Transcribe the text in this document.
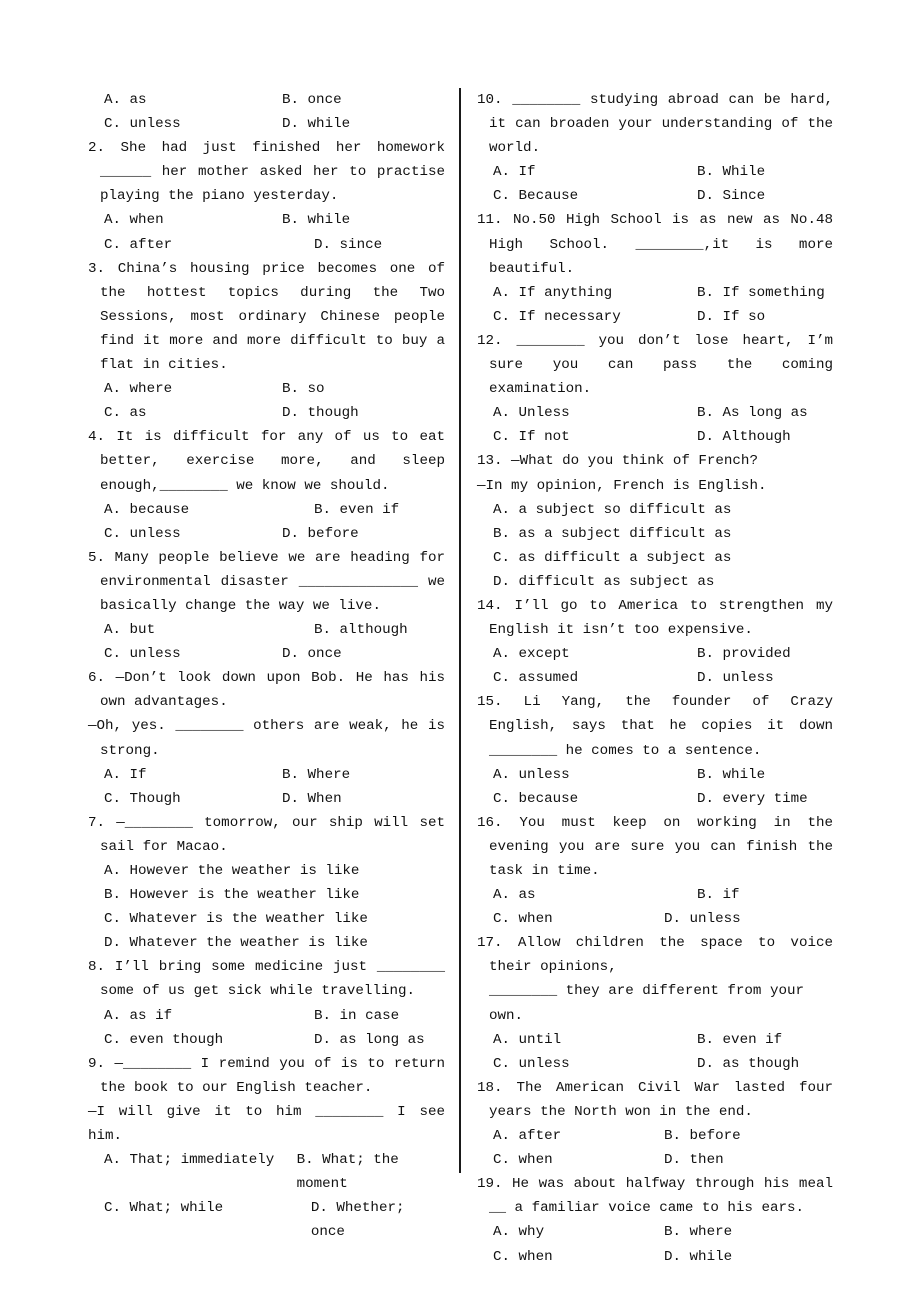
A. as	B. once
C. unless	D. while
2. She had just finished her homework ______ her mother asked her to practise playing the piano yesterday.
A. when	B. while
C. after	D. since
3. China’s housing price becomes one of the hottest topics during the Two Sessions, most ordinary Chinese people find it more and more difficult to buy a flat in cities.
A. where	B. so
C. as	D. though
4. It is difficult for any of us to eat better, exercise more, and sleep enough,________ we know we should.
A. because	B. even if
C. unless	D. before
5. Many people believe we are heading for environmental disaster ______________ we basically change the way we live.
A. but	B. although
C. unless	D. once
6. —Don’t look down upon Bob. He has his own advantages.
—Oh, yes. ________ others are weak, he is strong.
A. If	B. Where
C. Though	D. When
7. —________ tomorrow, our ship will set sail for Macao.
A. However the weather is like
B. However is the weather like
C. Whatever is the weather like
D. Whatever the weather is like
8. I’ll bring some medicine just ________ some of us get sick while travelling.
A. as if	B. in case
C. even though	D. as long as
9. —________ I remind you of is to return the book to our English teacher.
—I will give it to him ________ I see him.
A. That; immediately	B. What; the moment
C. What; while	D. Whether; once
10. ________ studying abroad can be hard, it can broaden your understanding of the world.
A. If	B. While
C. Because	D. Since
11. No.50 High School is as new as No.48 High School. ________,it is more beautiful.
A. If anything	B. If something
C. If necessary	D. If so
12. ________ you don’t lose heart, I’m sure you can pass the coming examination.
A. Unless	B. As long as
C. If not	D. Although
13. —What do you think of French?
—In my opinion, French is English.
A. a subject so difficult as
B. as a subject difficult as
C. as difficult a subject as
D. difficult as subject as
14. I’ll go to America to strengthen my English it isn’t too expensive.
A. except	B. provided
C. assumed	D. unless
15. Li Yang, the founder of Crazy English, says that he copies it down ________ he comes to a sentence.
A. unless	B. while
C. because	D. every time
16. You must keep on working in the evening you are sure you can finish the task in time.
A. as	B. if
C. when	D. unless
17. Allow children the space to voice their opinions,
________ they are different from your own.
A. until	B. even if
C. unless	D. as though
18. The American Civil War lasted four years the North won in the end.
A. after	B. before
C. when	D. then
19. He was about halfway through his meal __ a familiar voice came to his ears.
A. why	B. where
C. when	D. while
